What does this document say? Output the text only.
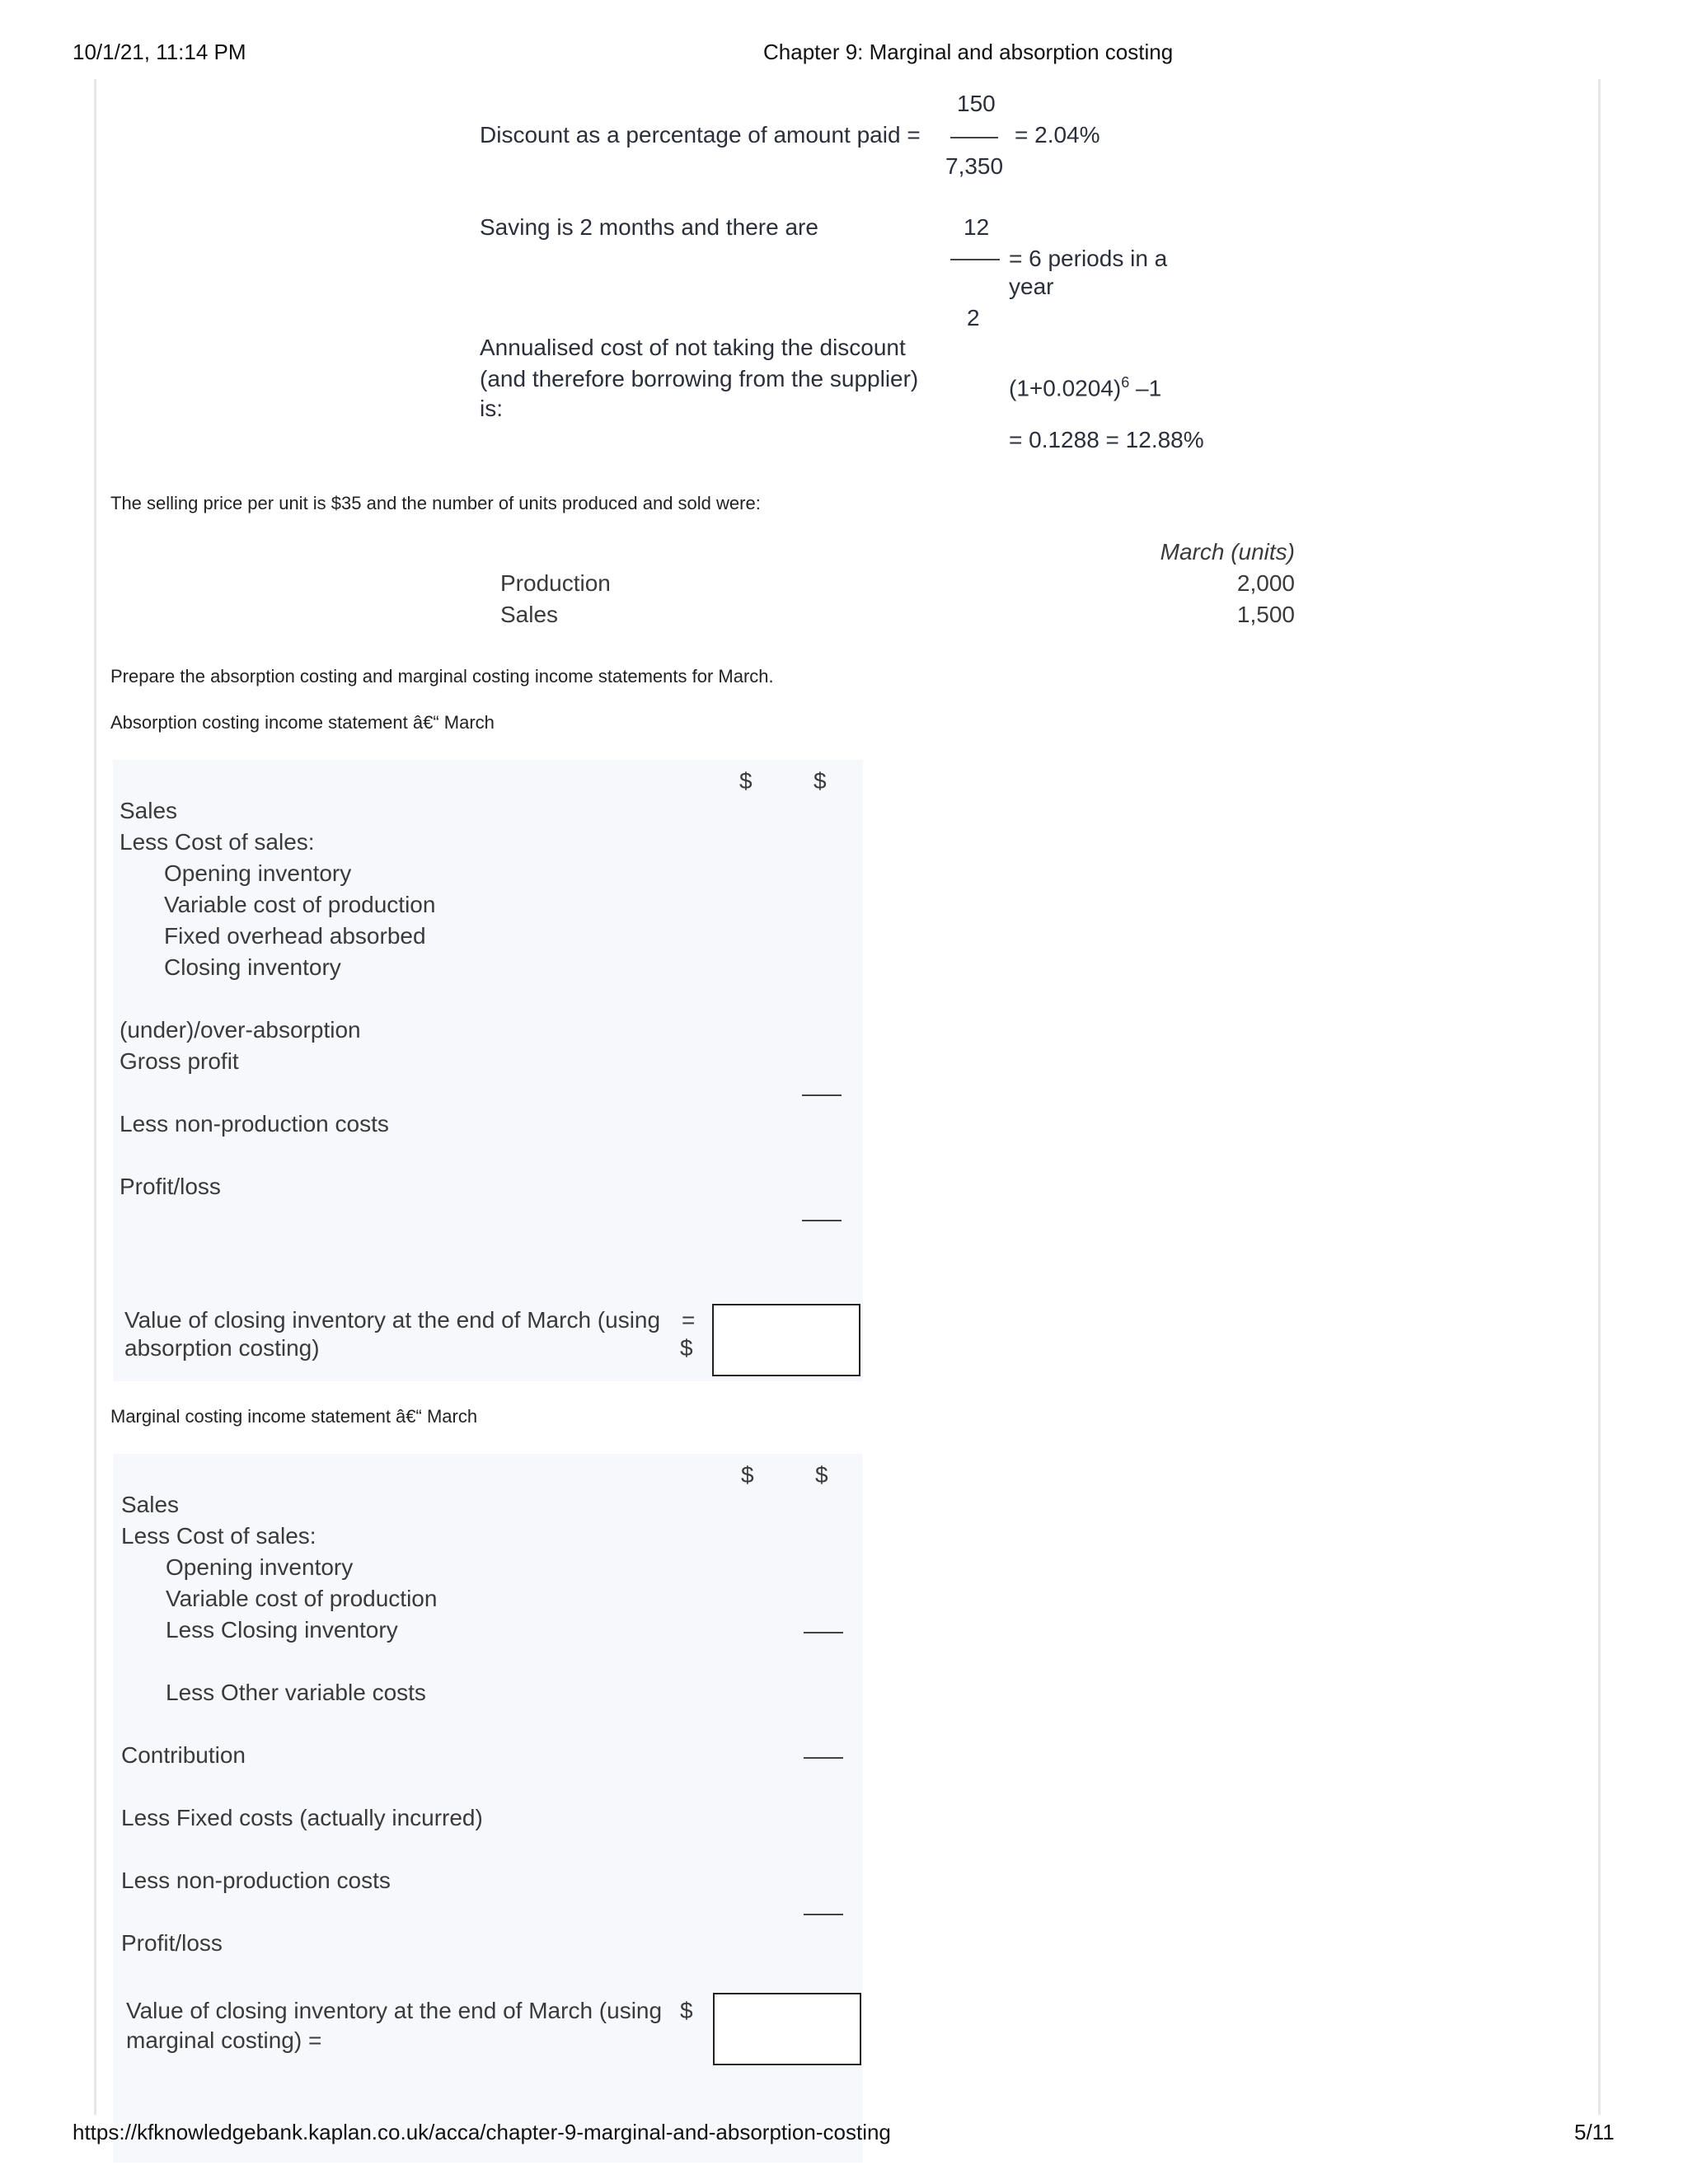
10/1/21, 11:14 PM	Chapter 9: Marginal and absorption costing
Discount as a percentage of amount paid =
150
7,350
= 2.04%
Saving is 2 months and there are	12
= 6 periods in a
year
2
Annualised cost of not taking the discount
(and therefore borrowing from the supplier)
is:
$(1+0.0204)^6$ –1
= 0.1288 = 12.88%
The selling price per unit is $35 and the number of units produced and sold were:
March (units)
Production	2,000
Sales	1,500
Prepare the absorption costing and marginal costing income statements for March.
Absorption costing income statement â€“ March
$	$
Sales
Less Cost of sales:
Opening inventory
Variable cost of production
Fixed overhead absorbed
Closing inventory
(under)/over-absorption
Gross profit
Less non-production costs
Profit/loss
Value of closing inventory at the end of March (using
absorption costing)
=
$
Marginal costing income statement â€“ March
$	$
Sales
Less Cost of sales:
Opening inventory
Variable cost of production
Less Closing inventory
Less Other variable costs
Contribution
Less Fixed costs (actually incurred)
Less non-production costs
Profit/loss
Value of closing inventory at the end of March (using
marginal costing) =
$
https://kfknowledgebank.kaplan.co.uk/acca/chapter-9-marginal-and-absorption-costing	5/11
